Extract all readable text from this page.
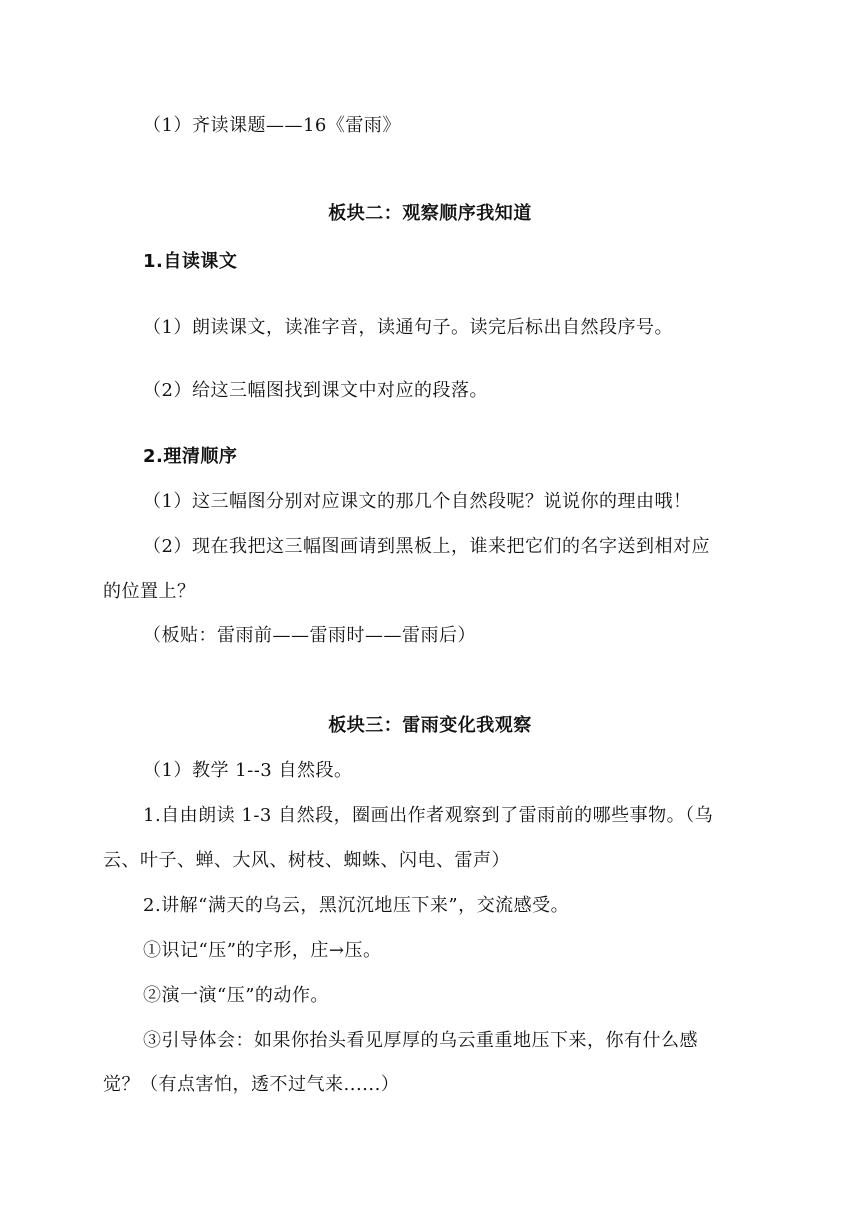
（1）齐读课题——16《雷雨》
板块二：观察顺序我知道
1.自读课文
（1）朗读课文，读准字音，读通句子。读完后标出自然段序号。
（2）给这三幅图找到课文中对应的段落。
2.理清顺序
（1）这三幅图分别对应课文的那几个自然段呢？说说你的理由哦！
（2）现在我把这三幅图画请到黑板上，谁来把它们的名字送到相对应
的位置上？
（板贴：雷雨前——雷雨时——雷雨后）
板块三：雷雨变化我观察
（1）教学 1--3 自然段。
1.自由朗读 1-3 自然段，圈画出作者观察到了雷雨前的哪些事物。（乌
云、叶子、蝉、大风、树枝、蜘蛛、闪电、雷声）
2.讲解“满天的乌云，黑沉沉地压下来”，交流感受。
①识记“压”的字形，庄→压。
②演一演“压”的动作。
③引导体会：如果你抬头看见厚厚的乌云重重地压下来，你有什么感
觉？（有点害怕，透不过气来......）
